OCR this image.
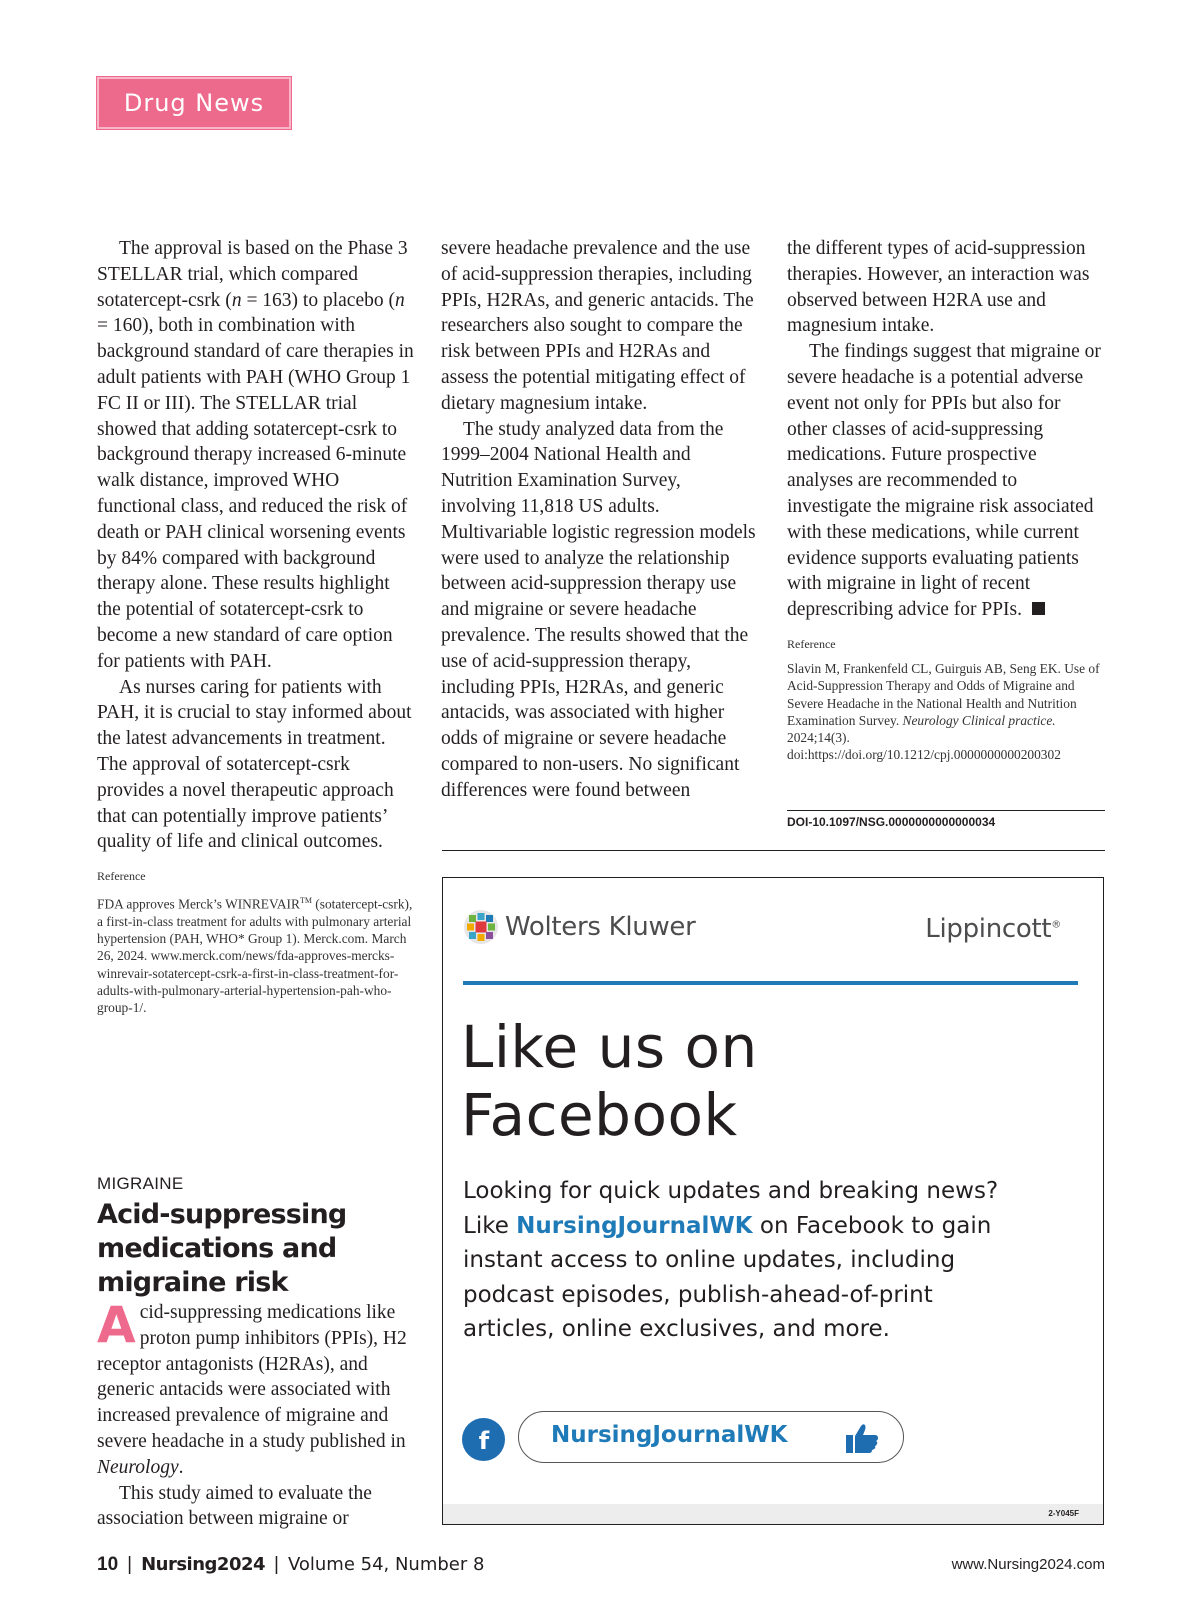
Drug News

The approval is based on the Phase 3 STELLAR trial, which compared sotatercept-csrk (n = 163) to placebo (n = 160), both in combination with background standard of care therapies in adult patients with PAH (WHO Group 1 FC II or III). The STELLAR trial showed that adding sotatercept-csrk to background therapy increased 6-minute walk distance, improved WHO functional class, and reduced the risk of death or PAH clinical worsening events by 84% compared with background therapy alone. These results highlight the potential of sotatercept-csrk to become a new standard of care option for patients with PAH.

As nurses caring for patients with PAH, it is crucial to stay informed about the latest advancements in treatment. The approval of sotatercept-csrk provides a novel therapeutic approach that can potentially improve patients’ quality of life and clinical outcomes.

Reference

FDA approves Merck’s WINREVAIR™ (sotatercept-csrk), a first-in-class treatment for adults with pulmonary arterial hypertension (PAH, WHO* Group 1). Merck.com. March 26, 2024. www.merck.com/news/fda-approves-mercks-winrevair-sotatercept-csrk-a-first-in-class-treatment-for-adults-with-pulmonary-arterial-hypertension-pah-who-group-1/.

MIGRAINE
Acid-suppressing medications and migraine risk

Acid-suppressing medications like proton pump inhibitors (PPIs), H2 receptor antagonists (H2RAs), and generic antacids were associated with increased prevalence of migraine and severe headache in a study published in Neurology.

This study aimed to evaluate the association between migraine or

severe headache prevalence and the use of acid-suppression therapies, including PPIs, H2RAs, and generic antacids. The researchers also sought to compare the risk between PPIs and H2RAs and assess the potential mitigating effect of dietary magnesium intake.

The study analyzed data from the 1999–2004 National Health and Nutrition Examination Survey, involving 11,818 US adults. Multivariable logistic regression models were used to analyze the relationship between acid-suppression therapy use and migraine or severe headache prevalence. The results showed that the use of acid-suppression therapy, including PPIs, H2RAs, and generic antacids, was associated with higher odds of migraine or severe headache compared to non-users. No significant differences were found between

the different types of acid-suppression therapies. However, an interaction was observed between H2RA use and magnesium intake.

The findings suggest that migraine or severe headache is a potential adverse event not only for PPIs but also for other classes of acid-suppressing medications. Future prospective analyses are recommended to investigate the migraine risk associated with these medications, while current evidence supports evaluating patients with migraine in light of recent deprescribing advice for PPIs.

Reference

Slavin M, Frankenfeld CL, Guirguis AB, Seng EK. Use of Acid-Suppression Therapy and Odds of Migraine and Severe Headache in the National Health and Nutrition Examination Survey. Neurology Clinical practice. 2024;14(3). doi:https://doi.org/10.1212/cpj.0000000000200302

DOI-10.1097/NSG.0000000000000034
Wolters Kluwer	Lippincott®
Like us on
Facebook

Looking for quick updates and breaking news? Like NursingJournalWK on Facebook to gain instant access to online updates, including podcast episodes, publish-ahead-of-print articles, online exclusives, and more.

f	NursingJournalWK
2-Y045F
10 | Nursing2024 | Volume 54, Number 8	www.Nursing2024.com
